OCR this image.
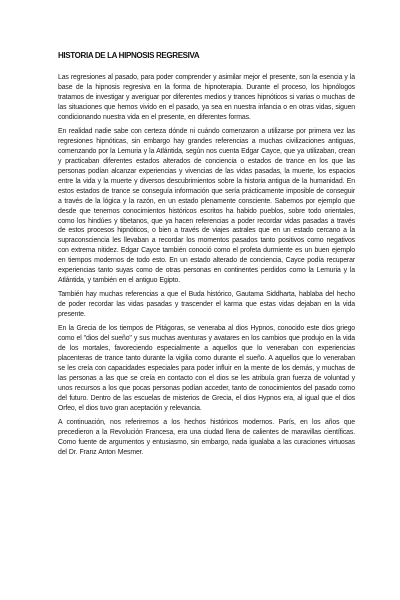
HISTORIA DE LA HIPNOSIS REGRESIVA

Las regresiones al pasado, para poder comprender y asimilar mejor el presente, son la esencia y la base de la hipnosis regresiva en la forma de hipnoterapia. Durante el proceso, los hipnólogos tratamos de investigar y averiguar por diferentes medios y trances hipnóticos si varias o muchas de las situaciones que hemos vivido en el pasado, ya sea en nuestra infancia o en otras vidas, siguen condicionando nuestra vida en el presente, en diferentes formas.

En realidad nadie sabe con certeza dónde ni cuándo comenzaron a utilizarse por primera vez las regresiones hipnóticas, sin embargo hay grandes referencias a muchas civilizaciones antiguas, comenzando por la Lemuria y la Atlántida, según nos cuenta Edgar Cayce, que ya utilizaban, crean y practicaban diferentes estados alterados de conciencia o estados de trance en los que las personas podían alcanzar experiencias y vivencias de las vidas pasadas, la muerte, los espacios entre la vida y la muerte y diversos descubrimientos sobre la historia antigua de la humanidad. En estos estados de trance se conseguía información que sería prácticamente imposible de conseguir a través de la lógica y la razón, en un estado plenamente consciente. Sabemos por ejemplo que desde que tenemos conocimientos históricos escritos ha habido pueblos, sobre todo orientales, como los hindúes y tibetanos, que ya hacen referencias a poder recordar vidas pasadas a través de estos procesos hipnóticos, o bien a través de viajes astrales que en un estado cercano a la supraconsciencia les llevaban a recordar los momentos pasados tanto positivos como negativos con extrema nitidez. Edgar Cayce también conoció como el profeta durmiente es un buen ejemplo en tiempos modernos de todo esto. En un estado alterado de conciencia, Cayce podía recuperar experiencias tanto suyas como de otras personas en continentes perdidos como la Lemuria y la Atlántida, y también en el antiguo Egipto.

También hay muchas referencias a que el Buda histórico, Gautama Siddharta, hablaba del hecho de poder recordar las vidas pasadas y trascender el karma que estas vidas dejaban en la vida presente.

En la Grecia de los tiempos de Pitágoras, se veneraba al dios Hypnos, conocido este dios griego como el "dios del sueño" y sus muchas aventuras y avatares en los cambios que produjo en la vida de los mortales, favoreciendo especialmente a aquellos que lo veneraban con experiencias placenteras de trance tanto durante la vigilia como durante el sueño. A aquellos que lo veneraban se les creía con capacidades especiales para poder influir en la mente de los demás, y muchas de las personas a las que se creía en contacto con el dios se les atribuía gran fuerza de voluntad y unos recursos a los que pocas personas podían acceder, tanto de conocimientos del pasado como del futuro. Dentro de las escuelas de misterios de Grecia, el dios Hypnos era, al igual que el dios Orfeo, el dios tuvo gran aceptación y relevancia.

A continuación, nos referiremos a los hechos históricos modernos. París, en los años que precedieron a la Revolución Francesa, era una ciudad llena de calientes de maravillas científicas. Como fuente de argumentos y entusiasmo, sin embargo, nada igualaba a las curaciones virtuosas del Dr. Franz Anton Mesmer.
